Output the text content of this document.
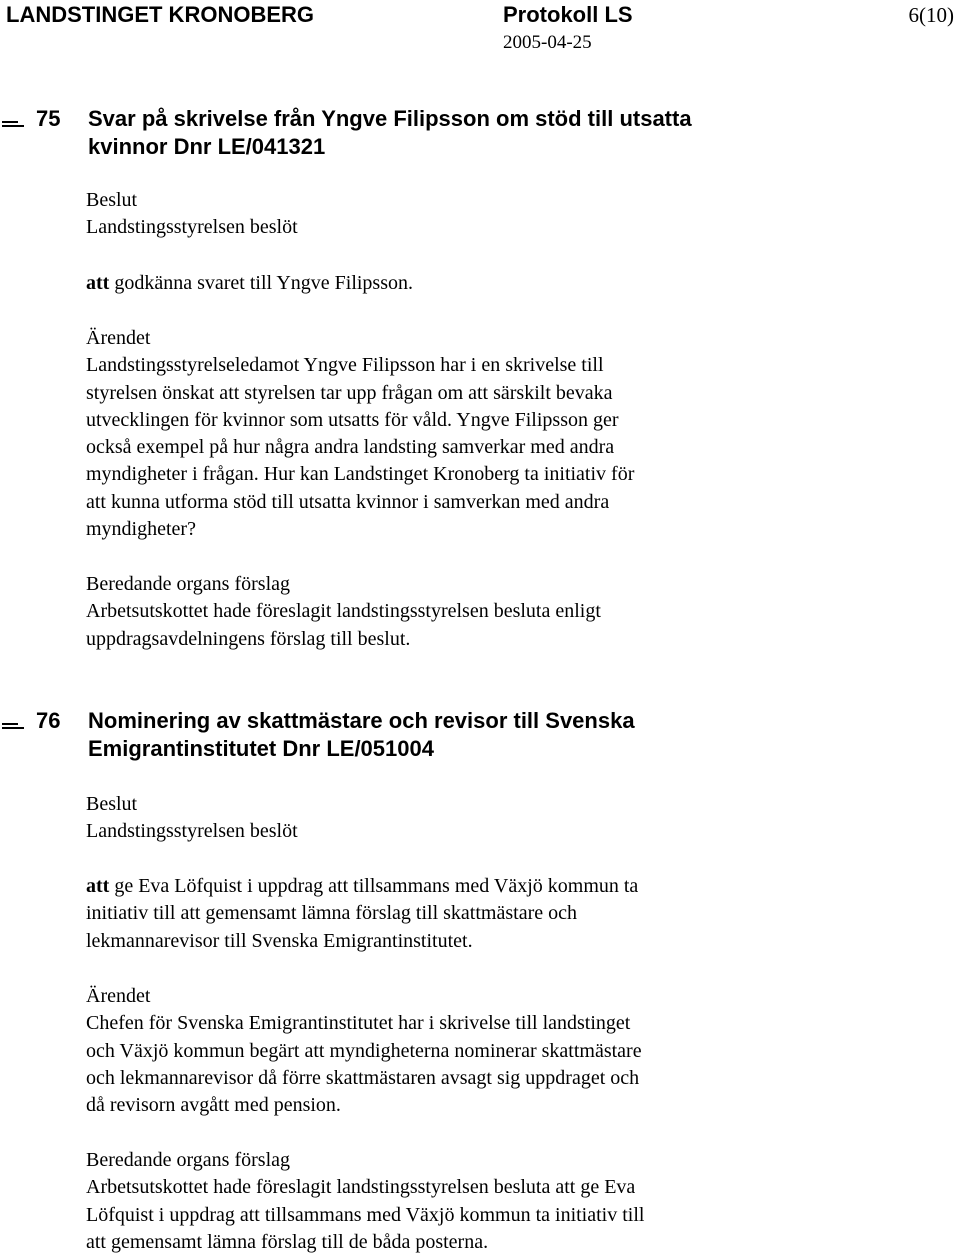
LANDSTINGET KRONOBERG	Protokoll LS	6(10)
2005-04-25
75 Svar på skrivelse från Yngve Filipsson om stöd till utsatta
kvinnor Dnr LE/041321
Beslut
Landstingsstyrelsen beslöt
att godkänna svaret till Yngve Filipsson.
Ärendet
Landstingsstyrelseledamot Yngve Filipsson har i en skrivelse till
styrelsen önskat att styrelsen tar upp frågan om att särskilt bevaka
utvecklingen för kvinnor som utsatts för våld. Yngve Filipsson ger
också exempel på hur några andra landsting samverkar med andra
myndigheter i frågan. Hur kan Landstinget Kronoberg ta initiativ för
att kunna utforma stöd till utsatta kvinnor i samverkan med andra
myndigheter?
Beredande organs förslag
Arbetsutskottet hade föreslagit landstingsstyrelsen besluta enligt
uppdragsavdelningens förslag till beslut.
76 Nominering av skattmästare och revisor till Svenska
Emigrantinstitutet Dnr LE/051004
Beslut
Landstingsstyrelsen beslöt
att ge Eva Löfquist i uppdrag att tillsammans med Växjö kommun ta
initiativ till att gemensamt lämna förslag till skattmästare och
lekmannarevisor till Svenska Emigrantinstitutet.
Ärendet
Chefen för Svenska Emigrantinstitutet har i skrivelse till landstinget
och Växjö kommun begärt att myndigheterna nominerar skattmästare
och lekmannarevisor då förre skattmästaren avsagt sig uppdraget och
då revisorn avgått med pension.
Beredande organs förslag
Arbetsutskottet hade föreslagit landstingsstyrelsen besluta att ge Eva
Löfquist i uppdrag att tillsammans med Växjö kommun ta initiativ till
att gemensamt lämna förslag till de båda posterna.
